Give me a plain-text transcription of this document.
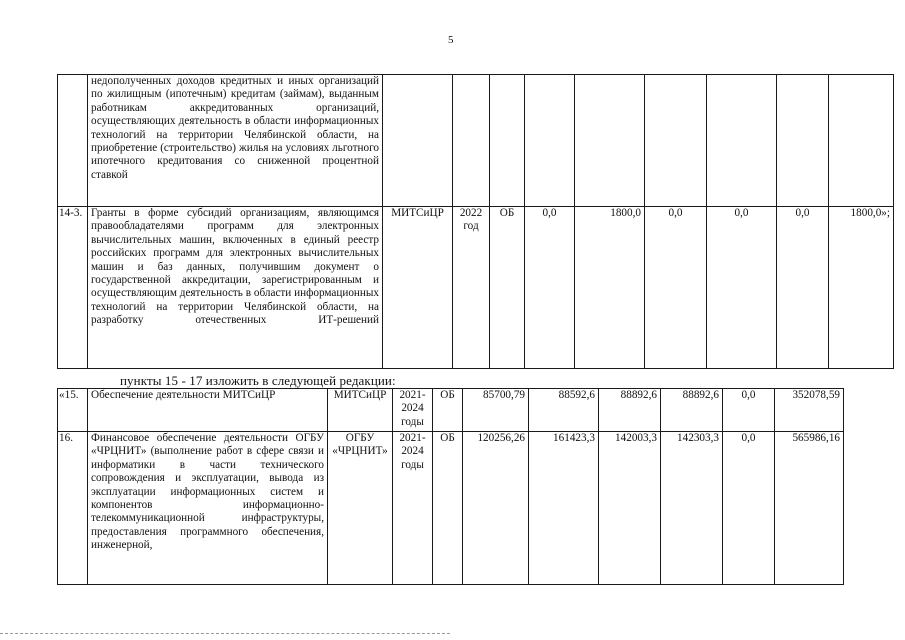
5
	недополученных доходов кредитных и иных организаций по жилищным (ипотечным) кредитам (займам), выданным работникам аккредитованных организаций, осуществляющих деятельность в области информационных технологий на территории Челябинской области, на приобретение (строительство) жилья на условиях льготного ипотечного кредитования со сниженной процентной ставкой									
14-3.	Гранты в форме субсидий организациям, являющимся правообладателями программ для электронных вычислительных машин, включенных в единый реестр российских программ для электронных вычислительных машин и баз данных, получившим документ о государственной аккредитации, зарегистрированным и осуществляющим деятельность в области информационных технологий на территории Челябинской области, на разработку отечественных ИТ-решений	МИТСиЦР	2022 год	ОБ	0,0	1800,0	0,0	0,0	0,0	1800,0»;
пункты 15 - 17 изложить в следующей редакции:
«15.	Обеспечение деятельности МИТСиЦР	МИТСиЦР	2021-2024 годы	ОБ	85700,79	88592,6	88892,6	88892,6	0,0	352078,59
16.	Финансовое обеспечение деятельности ОГБУ «ЧРЦНИТ» (выполнение работ в сфере связи и информатики в части технического сопровождения и эксплуатации, вывода из эксплуатации информационных систем и компонентов информационно-телекоммуникационной инфраструктуры, предоставления программного обеспечения, инженерной,	ОГБУ «ЧРЦНИТ»	2021-2024 годы	ОБ	120256,26	161423,3	142003,3	142303,3	0,0	565986,16
